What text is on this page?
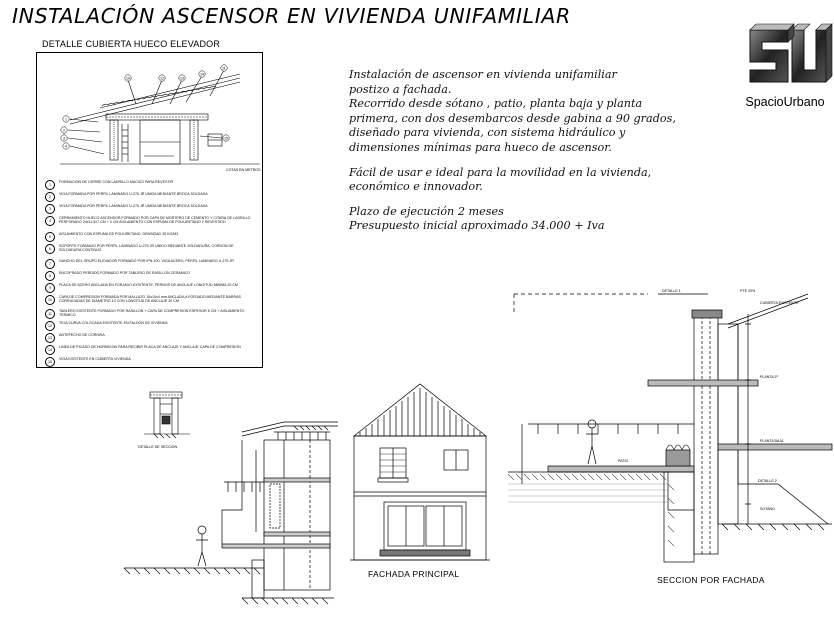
INSTALACIÓN ASCENSOR EN VIVIENDA UNIFAMILIAR
DETALLE CUBIERTA HUECO ELEVADOR
10	12	13
14
11
1
2
3
4
15
COTAS EN METROS
1
FORMACION DE CIERRE CON LADRILLO MACIZO PARA REVESTIR
2
VIGA FORMADA POR PERFIL LAMINADO U-275 JR UNIDA MEDIANTE BROCA SOLDADA
3
VIGA FORMADA POR PERFIL LAMINADO U-275 JR UNIDA MEDIANTE BROCA SOLDADA
4
CERRAMIENTO HUECO ASCENSOR FORMADO POR CAPA DE MORTERO DE CEMENTO Y CITARA DE LADRILLO PERFORADO 24x11.5x7 CM + 3 CM AISLAMIENTO CON ESPUMA DE POLIURETANO Y REVESTIDO
5
AISLAMIENTO CON ESPUMA DE POLIURETANO, DENSIDAD 35 KG/M3
6
SOPORTE FORMADO POR PERFIL LAMINADO U-275 JR UNIDO MEDIANTE SOLDADURA, CORDON DE SOLDADURA CONTINUO
7
GANCHO DEL GRUPO ELEVADOR FORMADO POR IPN-100, VIGA ACERO, PERFIL LAMINADO U-275 JR
8
ENCOFRADO PERDIDO FORMADO POR TABLERO DE RASILLON CERAMICO
9
PLACA DE ACERO ANCLADA EN FORJADO EXISTENTE, PERNOS DE ANCLAJE LONGITUD MINIMA 20 CM
10
CAPA DE COMPRESION FORMADA POR MALLAZO 15x15x4 mm ANCLADA A FORJADO MEDIANTE BARRAS CORRUGADAS DE DIAMETRO 10 CON LONGITUD DE ANCLAJE 30 CM
11
TABLERO EXISTENTE FORMADO POR RASILLON + CAPA DE COMPRESION ESPESOR 5 CM + AISLAMIENTO TERMICO
12
TEJA CURVA COLOCADA EXISTENTE EN FALDON DE VIVIENDA
13
ANTEPECHO DE CORNISA
14
LINEA DE PICADO DE HORMIGON PARA RECIBIR PLACA DE ANCLAJE Y ANCLAJE CAPA DE COMPRESION
15
VIGA EXISTENTE EN CUBIERTA VIVIENDA

Instalación de ascensor en vivienda unifamiliar

postizo a fachada.

Recorrido desde sótano , patio, planta baja y planta

primera, con dos desembarcos desde gabina a 90 grados,

diseñado para vivienda, con sistema hidráulico y

dimensiones mínimas para hueco de ascensor.

Fácil de usar e ideal para la movilidad en la vivienda,

económico e innovador.

Plazo de ejecución 2 meses

Presupuesto inicial aproximado 34.000 + Iva

SpacioUrbano
DETALLE DE SECCION
FACHADA PRINCIPAL
DETALLE 1	PTE 20%
PLANTA 1ª
PLANTA BAJA
PATIO
SOTANO
DETALLE 2
CUBIERTA EXISTENTE
SECCION POR FACHADA
